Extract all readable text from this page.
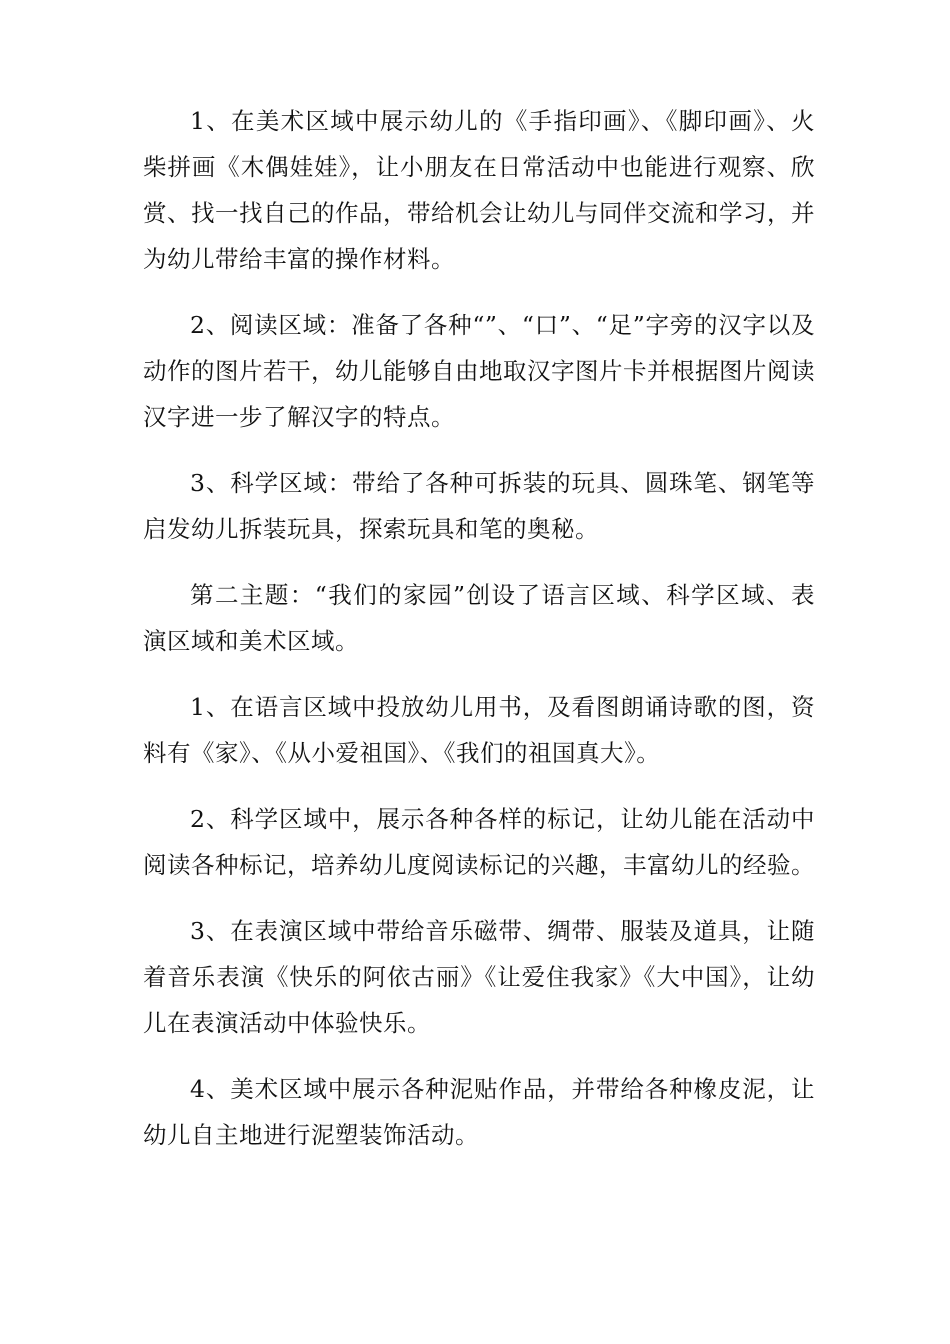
1、在美术区域中展示幼儿的《手指印画》、《脚印画》、火柴拼画《木偶娃娃》，让小朋友在日常活动中也能进行观察、欣赏、找一找自己的作品，带给机会让幼儿与同伴交流和学习，并为幼儿带给丰富的操作材料。

2、阅读区域：准备了各种“”、“口”、“足”字旁的汉字以及动作的图片若干，幼儿能够自由地取汉字图片卡并根据图片阅读汉字进一步了解汉字的特点。

3、科学区域：带给了各种可拆装的玩具、圆珠笔、钢笔等启发幼儿拆装玩具，探索玩具和笔的奥秘。

第二主题：“我们的家园”创设了语言区域、科学区域、表演区域和美术区域。

1、在语言区域中投放幼儿用书，及看图朗诵诗歌的图，资料有《家》、《从小爱祖国》、《我们的祖国真大》。

2、科学区域中，展示各种各样的标记，让幼儿能在活动中阅读各种标记，培养幼儿度阅读标记的兴趣，丰富幼儿的经验。

3、在表演区域中带给音乐磁带、绸带、服装及道具，让随着音乐表演《快乐的阿依古丽》《让爱住我家》《大中国》，让幼儿在表演活动中体验快乐。

4、美术区域中展示各种泥贴作品，并带给各种橡皮泥，让幼儿自主地进行泥塑装饰活动。
